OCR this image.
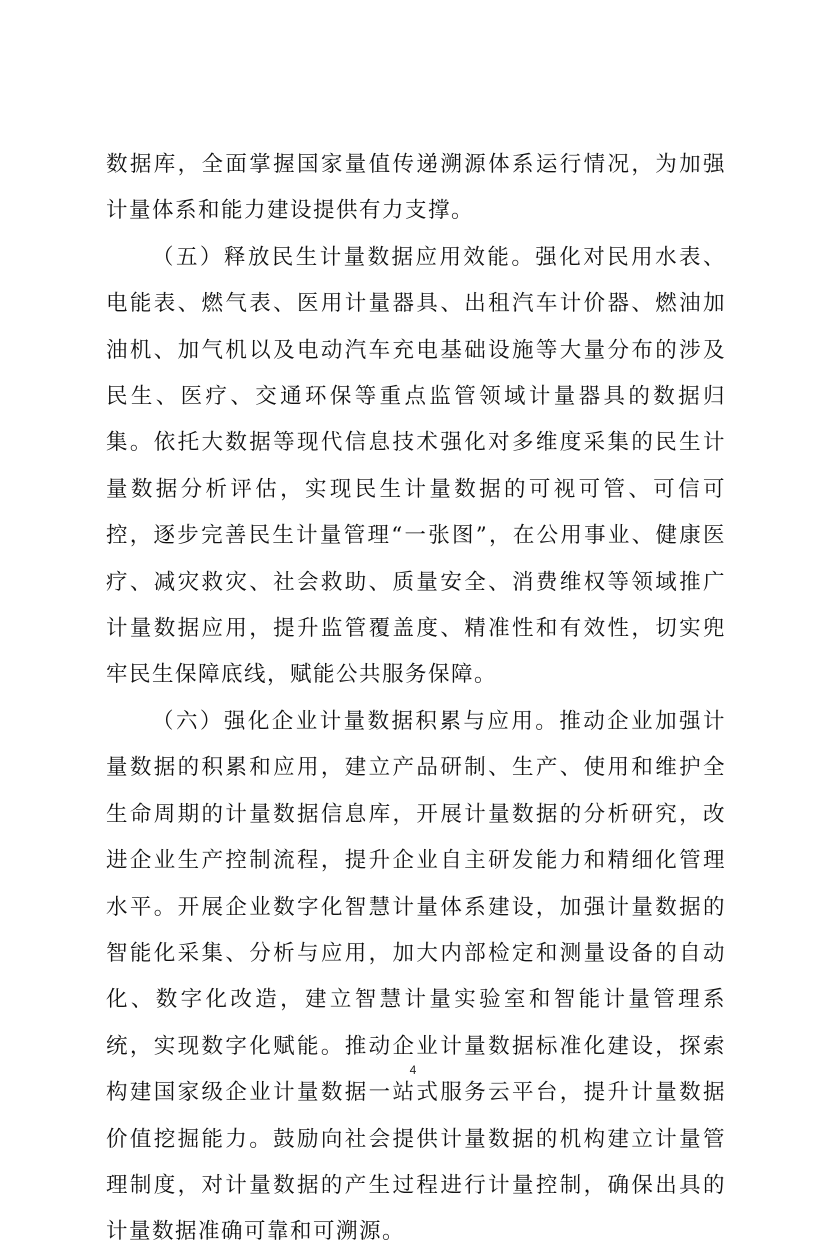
数据库，全面掌握国家量值传递溯源体系运行情况，为加强计量体系和能力建设提供有力支撑。

（五）释放民生计量数据应用效能。强化对民用水表、电能表、燃气表、医用计量器具、出租汽车计价器、燃油加油机、加气机以及电动汽车充电基础设施等大量分布的涉及民生、医疗、交通环保等重点监管领域计量器具的数据归集。依托大数据等现代信息技术强化对多维度采集的民生计量数据分析评估，实现民生计量数据的可视可管、可信可控，逐步完善民生计量管理“一张图”，在公用事业、健康医疗、减灾救灾、社会救助、质量安全、消费维权等领域推广计量数据应用，提升监管覆盖度、精准性和有效性，切实兜牢民生保障底线，赋能公共服务保障。

（六）强化企业计量数据积累与应用。推动企业加强计量数据的积累和应用，建立产品研制、生产、使用和维护全生命周期的计量数据信息库，开展计量数据的分析研究，改进企业生产控制流程，提升企业自主研发能力和精细化管理水平。开展企业数字化智慧计量体系建设，加强计量数据的智能化采集、分析与应用，加大内部检定和测量设备的自动化、数字化改造，建立智慧计量实验室和智能计量管理系统，实现数字化赋能。推动企业计量数据标准化建设，探索构建国家级企业计量数据一站式服务云平台，提升计量数据价值挖掘能力。鼓励向社会提供计量数据的机构建立计量管理制度，对计量数据的产生过程进行计量控制，确保出具的计量数据准确可靠和可溯源。

4
